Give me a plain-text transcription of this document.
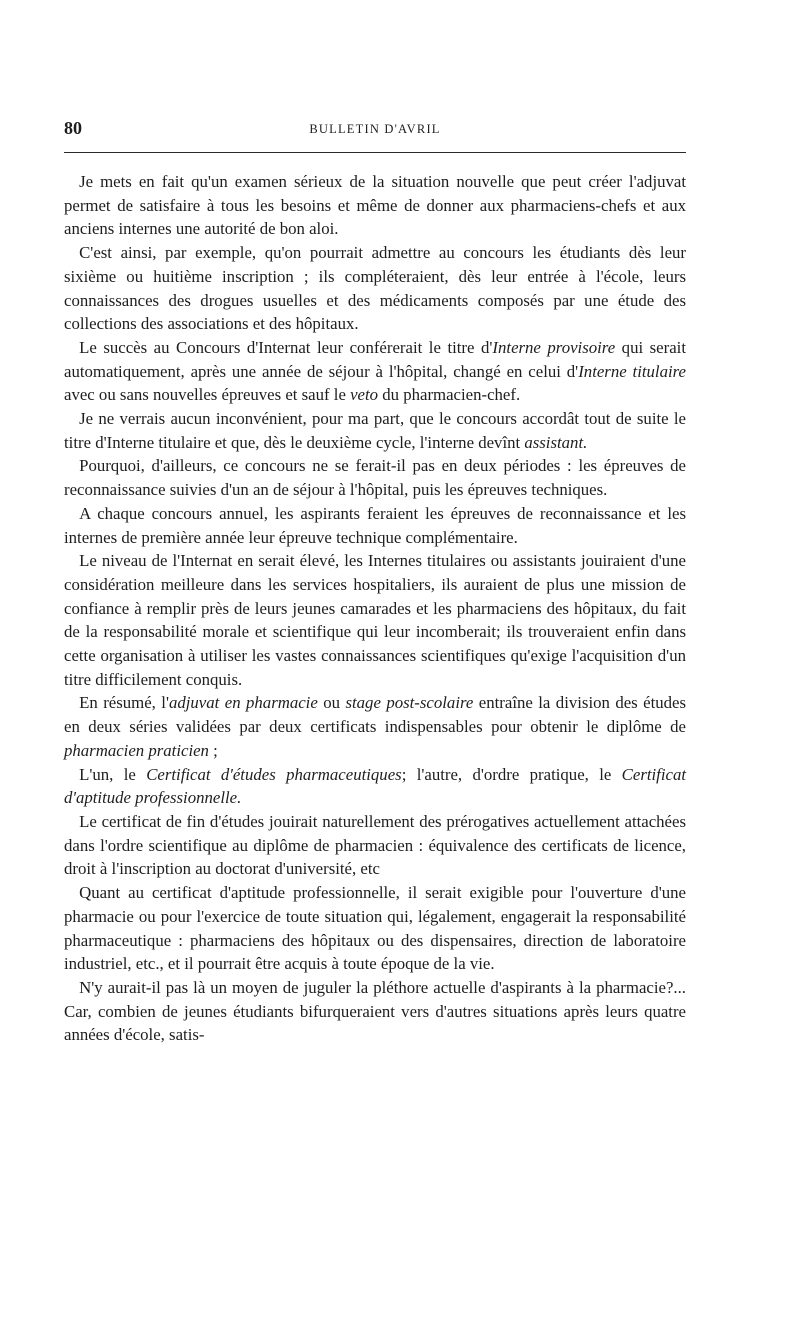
80	BULLETIN D'AVRIL

Je mets en fait qu'un examen sérieux de la situation nouvelle que peut créer l'adjuvat permet de satisfaire à tous les besoins et même de donner aux pharmaciens-chefs et aux anciens internes une autorité de bon aloi.

C'est ainsi, par exemple, qu'on pourrait admettre au concours les étudiants dès leur sixième ou huitième inscription ; ils compléteraient, dès leur entrée à l'école, leurs connaissances des drogues usuelles et des médicaments composés par une étude des collections des associations et des hôpitaux.

Le succès au Concours d'Internat leur conférerait le titre d'Interne provisoire qui serait automatiquement, après une année de séjour à l'hôpital, changé en celui d'Interne titulaire avec ou sans nouvelles épreuves et sauf le veto du pharmacien-chef.

Je ne verrais aucun inconvénient, pour ma part, que le concours accordât tout de suite le titre d'Interne titulaire et que, dès le deuxième cycle, l'interne devînt assistant.

Pourquoi, d'ailleurs, ce concours ne se ferait-il pas en deux périodes : les épreuves de reconnaissance suivies d'un an de séjour à l'hôpital, puis les épreuves techniques.

A chaque concours annuel, les aspirants feraient les épreuves de reconnaissance et les internes de première année leur épreuve technique complémentaire.

Le niveau de l'Internat en serait élevé, les Internes titulaires ou assistants jouiraient d'une considération meilleure dans les services hospitaliers, ils auraient de plus une mission de confiance à remplir près de leurs jeunes camarades et les pharmaciens des hôpitaux, du fait de la responsabilité morale et scientifique qui leur incomberait; ils trouveraient enfin dans cette organisation à utiliser les vastes connaissances scientifiques qu'exige l'acquisition d'un titre difficilement conquis.

En résumé, l'adjuvat en pharmacie ou stage post-scolaire entraîne la division des études en deux séries validées par deux certificats indispensables pour obtenir le diplôme de pharmacien praticien ;

L'un, le Certificat d'études pharmaceutiques; l'autre, d'ordre pratique, le Certificat d'aptitude professionnelle.

Le certificat de fin d'études jouirait naturellement des prérogatives actuellement attachées dans l'ordre scientifique au diplôme de pharmacien : équivalence des certificats de licence, droit à l'inscription au doctorat d'université, etc

Quant au certificat d'aptitude professionnelle, il serait exigible pour l'ouverture d'une pharmacie ou pour l'exercice de toute situation qui, légalement, engagerait la responsabilité pharmaceutique : pharmaciens des hôpitaux ou des dispensaires, direction de laboratoire industriel, etc., et il pourrait être acquis à toute époque de la vie.

N'y aurait-il pas là un moyen de juguler la pléthore actuelle d'aspirants à la pharmacie?... Car, combien de jeunes étudiants bifurqueraient vers d'autres situations après leurs quatre années d'école, satis-
